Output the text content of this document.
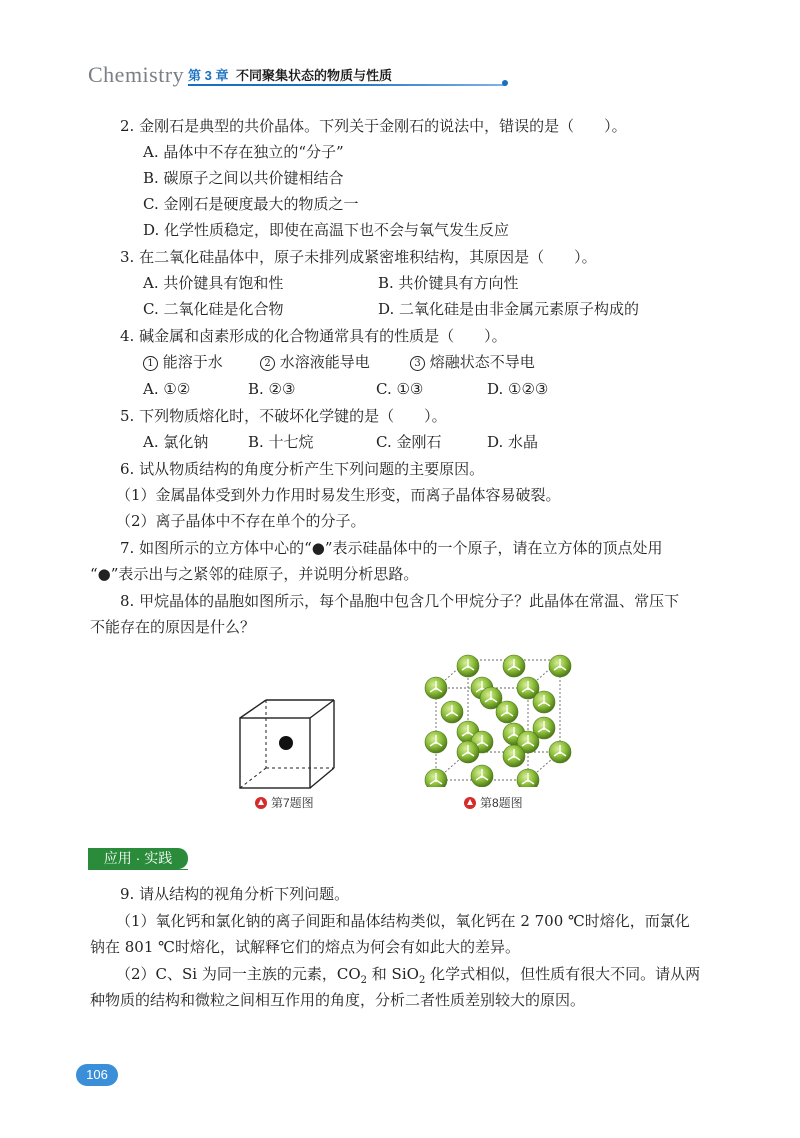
Chemistry 第 3 章 不同聚集状态的物质与性质
2. 金刚石是典型的共价晶体。下列关于金刚石的说法中，错误的是（　　）。
A. 晶体中不存在独立的“分子”
B. 碳原子之间以共价键相结合
C. 金刚石是硬度最大的物质之一
D. 化学性质稳定，即使在高温下也不会与氧气发生反应
3. 在二氧化硅晶体中，原子未排列成紧密堆积结构，其原因是（　　）。
A. 共价键具有饱和性	B. 共价键具有方向性
C. 二氧化硅是化合物	D. 二氧化硅是由非金属元素原子构成的
4. 碱金属和卤素形成的化合物通常具有的性质是（　　）。
1 能溶于水	2 水溶液能导电	3 熔融状态不导电
A. ①②	B. ②③	C. ①③	D. ①②③
5. 下列物质熔化时，不破坏化学键的是（　　）。
A. 氯化钠	B. 十七烷	C. 金刚石	D. 水晶
6. 试从物质结构的角度分析产生下列问题的主要原因。
（1）金属晶体受到外力作用时易发生形变，而离子晶体容易破裂。
（2）离子晶体中不存在单个的分子。
7. 如图所示的立方体中心的“●”表示硅晶体中的一个原子，请在立方体的顶点处用
“●”表示出与之紧邻的硅原子，并说明分析思路。
8. 甲烷晶体的晶胞如图所示，每个晶胞中包含几个甲烷分子？此晶体在常温、常压下
不能存在的原因是什么？
第7题图	第8题图
应用 · 实践
9. 请从结构的视角分析下列问题。
（1）氧化钙和氯化钠的离子间距和晶体结构类似，氧化钙在 2 700 ℃时熔化，而氯化
钠在 801 ℃时熔化，试解释它们的熔点为何会有如此大的差异。
（2）C、Si 为同一主族的元素，$CO_2$ 和 SiO$_2$ 化学式相似，但性质有很大不同。请从两
种物质的结构和微粒之间相互作用的角度，分析二者性质差别较大的原因。
106
